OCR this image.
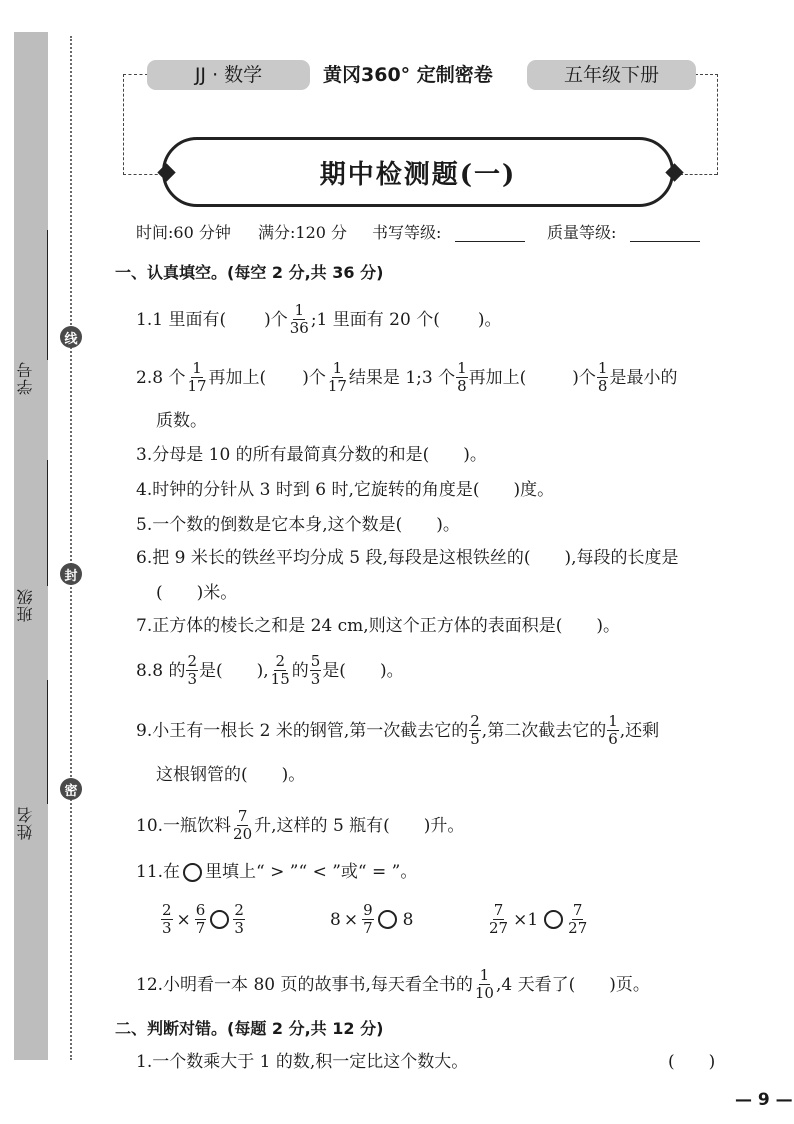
学号
班级
姓名
线
封
密
JJ · 数学	黄冈360° 定制密卷	五年级下册
期中检测题(一)
时间:60 分钟 满分:120 分 书写等级:	质量等级:
一、认真填空。(每空 2 分,共 36 分)
1.1 里面有( )个 $\frac{1}{36}$ ;1 里面有 20 个( )。
2.8 个 $\frac{1}{17}$ 再加上( )个 $\frac{1}{17}$ 结果是 1;3 个 $\frac{1}{8}$ 再加上(	)个 $\frac{1}{8}$ 是最小的
质数。
3.分母是 10 的所有最简真分数的和是(　　)。
4.时钟的分针从 3 时到 6 时,它旋转的角度是(　　)度。
5.一个数的倒数是它本身,这个数是(　　)。
6.把 9 米长的铁丝平均分成 5 段,每段是这根铁丝的(　　),每段的长度是
(　　)米。
7.正方体的棱长之和是 24 cm,则这个正方体的表面积是(　　)。
8.8 的 $\frac{2}{3}$ 是(　　), $\frac{2}{15}$ 的 $\frac{5}{3}$ 是(　　)。
9.小王有一根长 2 米的钢管,第一次截去它的 $\frac{2}{5}$ ,第二次截去它的 $\frac{1}{6}$ ,还剩
这根钢管的(　　)。
10.一瓶饮料 $\frac{7}{20}$ 升,这样的 5 瓶有(　　)升。
11.在 里填上“ > ”“ < ”或“ = ”。
$\frac{2}{3} \times \frac{6}{7} \frac{2}{3}$	$8 \times \frac{9}{7} 8$	$\frac{7}{27} \times 1 \frac{7}{27}$
12.小明看一本 80 页的故事书,每天看全书的 $\frac{1}{10} ,4$ 天看了(　　)页。
二、判断对错。(每题 2 分,共 12 分)
1.一个数乘大于 1 的数,积一定比这个数大。	(　　)
— 9 —
